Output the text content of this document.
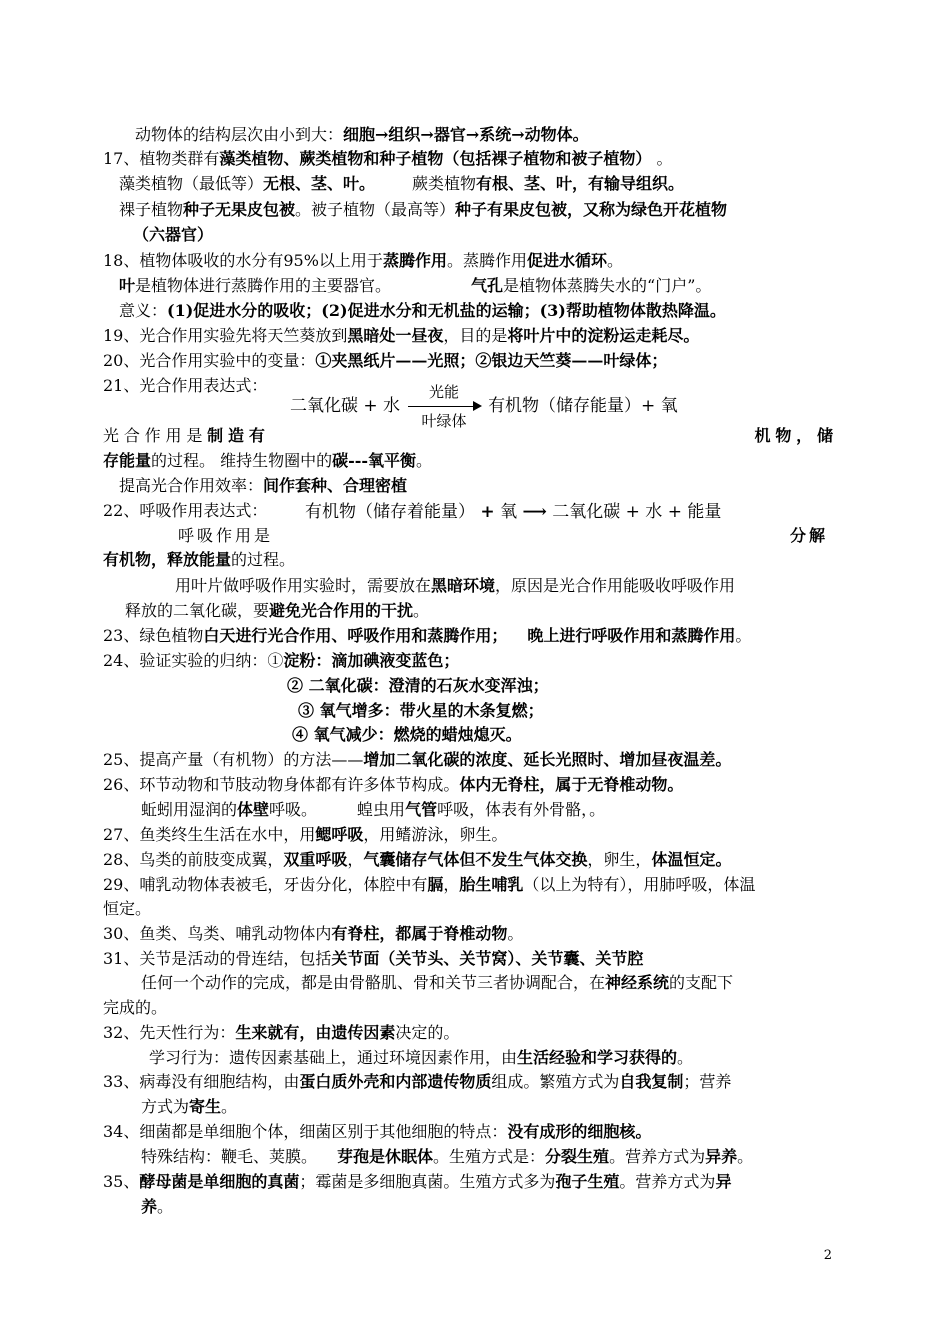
动物体的结构层次由小到大：细胞→组织→器官→系统→动物体。
17、植物类群有藻类植物、蕨类植物和种子植物（包括裸子植物和被子植物） 。
藻类植物（最低等）无根、茎、叶。 蕨类植物有根、茎、叶，有输导组织。
裸子植物种子无果皮包被。被子植物（最高等）种子有果皮包被，又称为绿色开花植物
（六器官）
18、植物体吸收的水分有95%以上用于蒸腾作用。蒸腾作用促进水循环。
叶是植物体进行蒸腾作用的主要器官。	气孔是植物体蒸腾失水的“门户”。
意义：(1)促进水分的吸收；(2)促进水分和无机盐的运输；(3)帮助植物体散热降温。
19、光合作用实验先将天竺葵放到黑暗处一昼夜，目的是将叶片中的淀粉运走耗尽。
20、光合作用实验中的变量：①夹黑纸片——光照；②银边天竺葵——叶绿体；
21、光合作用表达式：
二氧化碳 + 水
光能
叶绿体
有机物（储存能量）+ 氧
光合作用是制造有	机物，储
存能量的过程。 维持生物圈中的碳---氧平衡。
提高光合作用效率：间作套种、合理密植
22、呼吸作用表达式： 有机物（储存着能量） + 氧 ⟶ 二氧化碳 + 水 + 能量
呼吸作用是	分解
有机物，释放能量的过程。
用叶片做呼吸作用实验时，需要放在黑暗环境，原因是光合作用能吸收呼吸作用
释放的二氧化碳，要避免光合作用的干扰。
23、绿色植物白天进行光合作用、呼吸作用和蒸腾作用； 晚上进行呼吸作用和蒸腾作用。
24、验证实验的归纳：①淀粉：滴加碘液变蓝色；
② 二氧化碳：澄清的石灰水变浑浊；
③ 氧气增多：带火星的木条复燃；
④ 氧气减少：燃烧的蜡烛熄灭。
25、提高产量（有机物）的方法——增加二氧化碳的浓度、延长光照时、增加昼夜温差。
26、环节动物和节肢动物身体都有许多体节构成。体内无脊柱，属于无脊椎动物。
蚯蚓用湿润的体壁呼吸。	蝗虫用气管呼吸，体表有外骨骼，。
27、鱼类终生生活在水中，用鳃呼吸，用鳍游泳，卵生。
28、鸟类的前肢变成翼，双重呼吸，气囊储存气体但不发生气体交换，卵生，体温恒定。
29、哺乳动物体表被毛，牙齿分化，体腔中有膈，胎生哺乳（以上为特有），用肺呼吸，体温
恒定。
30、鱼类、鸟类、哺乳动物体内有脊柱，都属于脊椎动物。
31、关节是活动的骨连结，包括关节面（关节头、关节窝）、关节囊、关节腔
任何一个动作的完成，都是由骨骼肌、骨和关节三者协调配合，在神经系统的支配下
完成的。
32、先天性行为：生来就有，由遗传因素决定的。
学习行为：遗传因素基础上，通过环境因素作用，由生活经验和学习获得的。
33、病毒没有细胞结构，由蛋白质外壳和内部遗传物质组成。繁殖方式为自我复制；营养
方式为寄生。
34、细菌都是单细胞个体，细菌区别于其他细胞的特点：没有成形的细胞核。
特殊结构：鞭毛、荚膜。 芽孢是休眠体。生殖方式是：分裂生殖。营养方式为异养。
35、酵母菌是单细胞的真菌；霉菌是多细胞真菌。生殖方式多为孢子生殖。营养方式为异
养。
2
